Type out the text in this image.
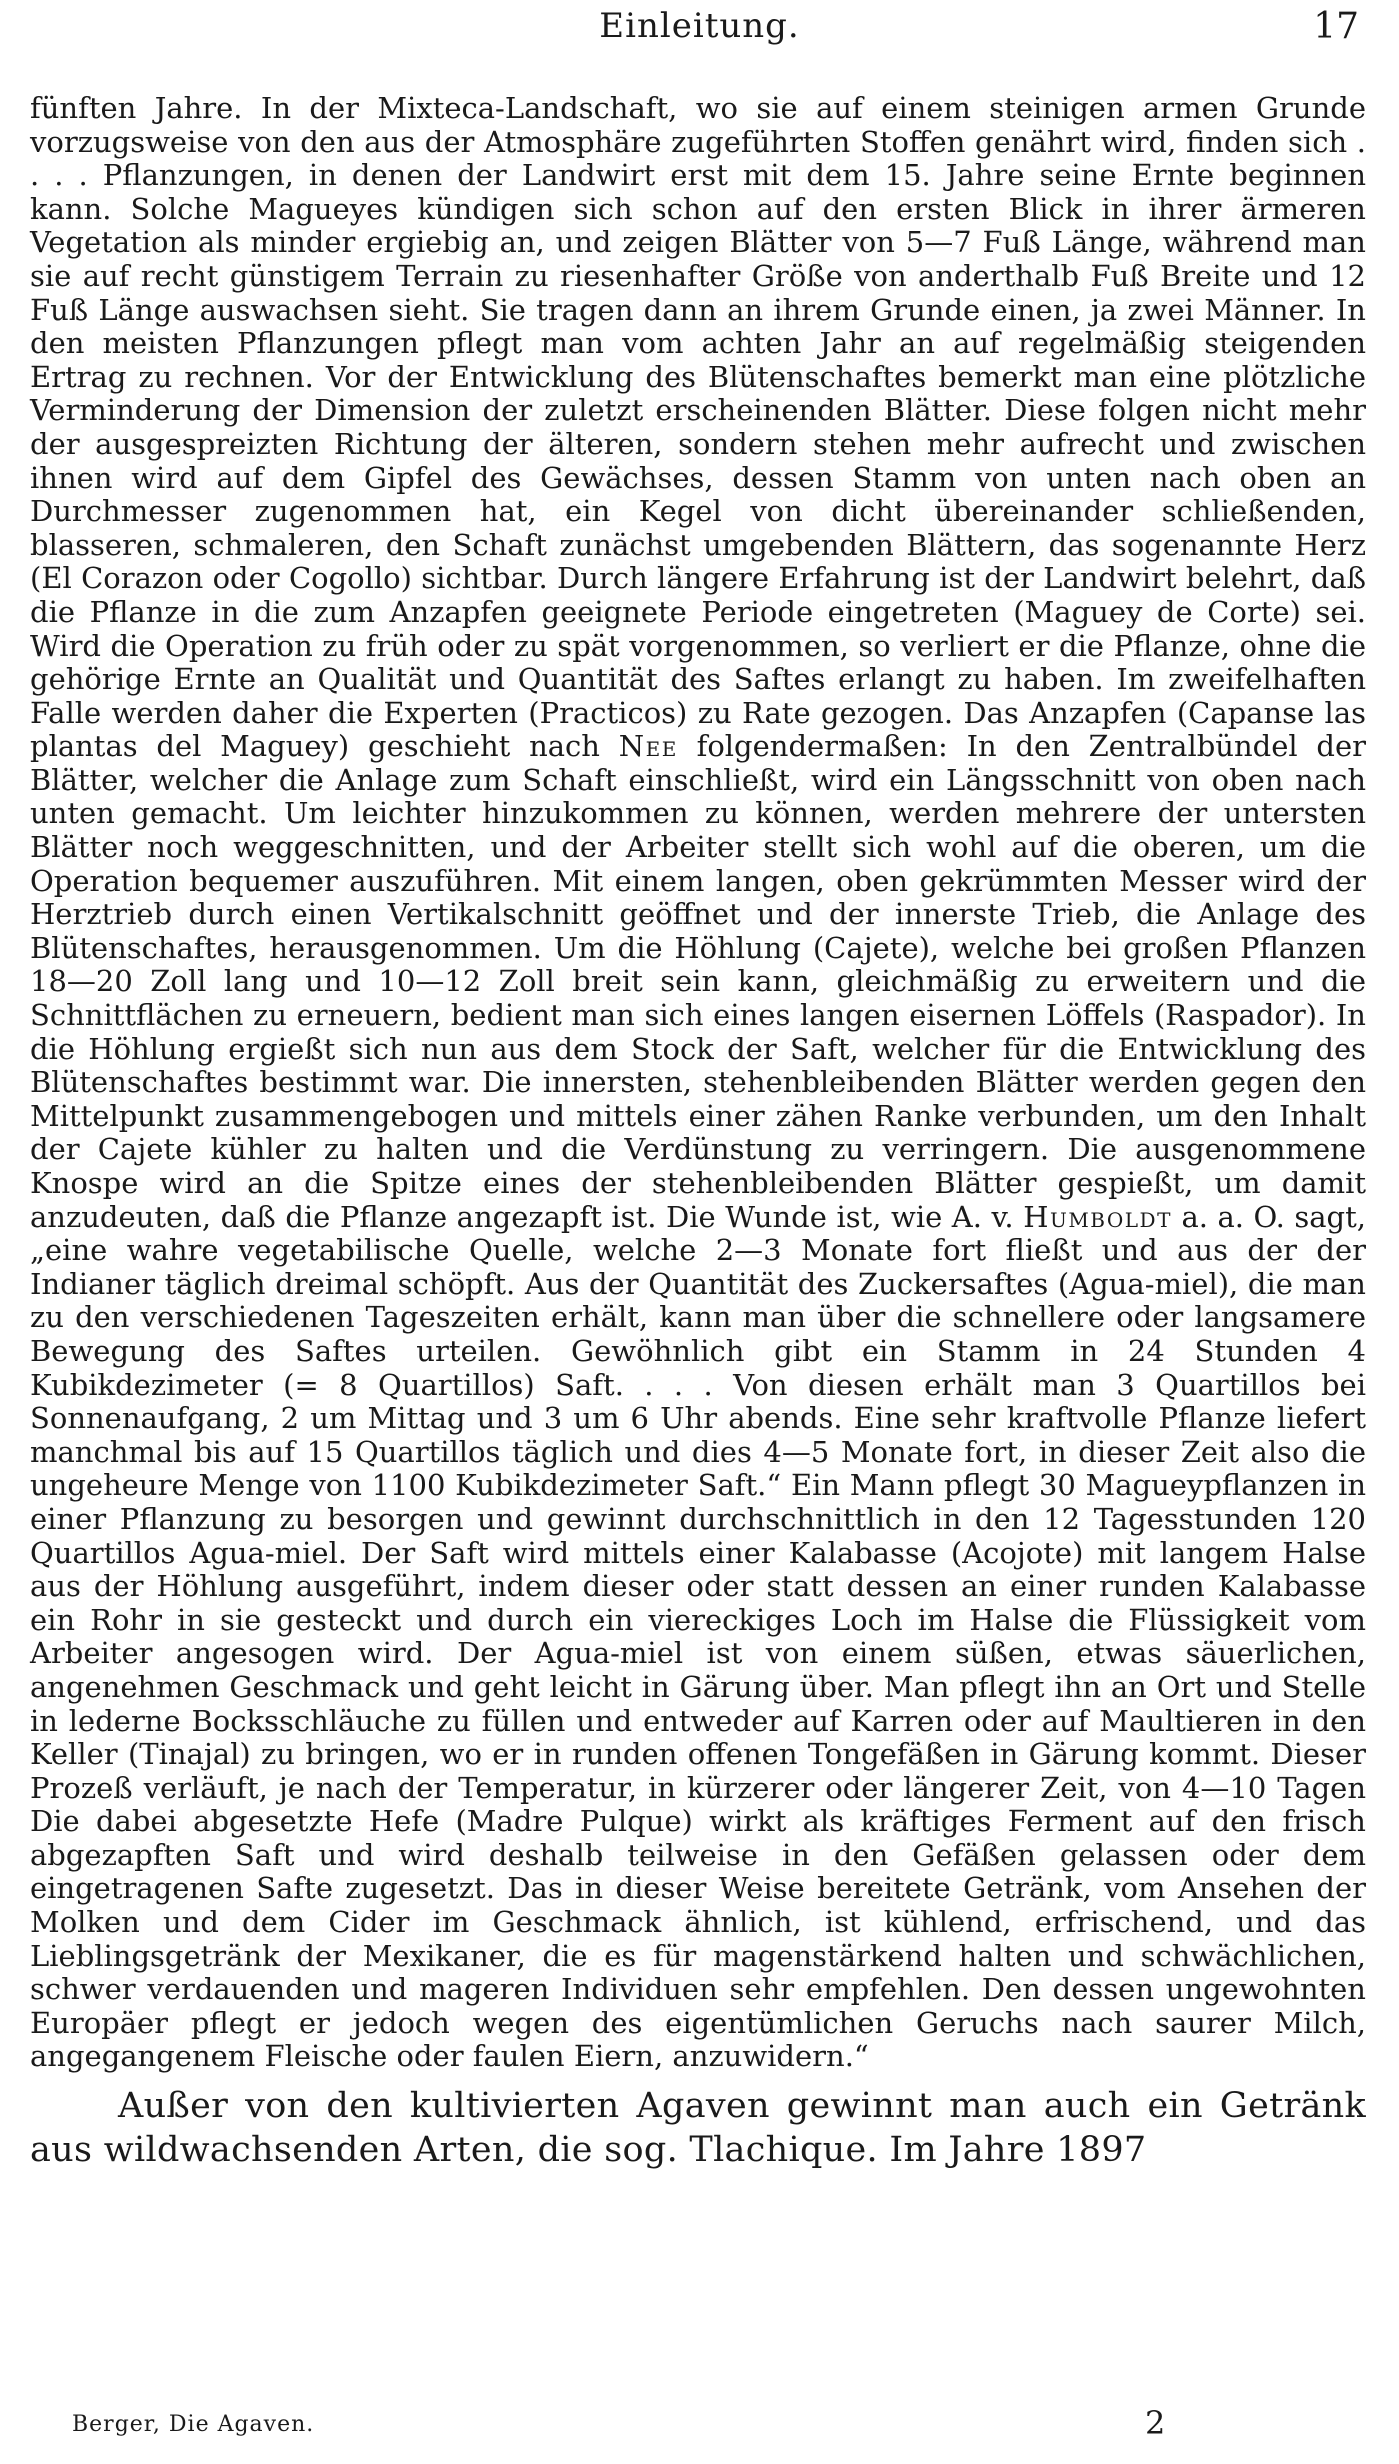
Einleitung.	17

fünften Jahre. In der Mixteca-Landschaft, wo sie auf einem steinigen armen Grunde vorzugsweise von den aus der Atmosphäre zugeführten Stoffen genährt wird, finden sich . . . . Pflanzungen, in denen der Landwirt erst mit dem 15. Jahre seine Ernte beginnen kann. Solche Magueyes kündigen sich schon auf den ersten Blick in ihrer ärmeren Vegetation als minder ergiebig an, und zeigen Blätter von 5—7 Fuß Länge, während man sie auf recht günstigem Terrain zu riesenhafter Größe von anderthalb Fuß Breite und 12 Fuß Länge auswachsen sieht. Sie tragen dann an ihrem Grunde einen, ja zwei Männer. In den meisten Pflanzungen pflegt man vom achten Jahr an auf regelmäßig steigenden Ertrag zu rechnen. Vor der Entwicklung des Blütenschaftes bemerkt man eine plötzliche Verminderung der Dimension der zuletzt erscheinenden Blätter. Diese folgen nicht mehr der ausgespreizten Richtung der älteren, sondern stehen mehr aufrecht und zwischen ihnen wird auf dem Gipfel des Gewächses, dessen Stamm von unten nach oben an Durchmesser zugenommen hat, ein Kegel von dicht übereinander schließenden, blasseren, schmaleren, den Schaft zunächst umgebenden Blättern, das sogenannte Herz (El Corazon oder Cogollo) sichtbar. Durch längere Erfahrung ist der Landwirt belehrt, daß die Pflanze in die zum Anzapfen geeignete Periode eingetreten (Maguey de Corte) sei. Wird die Operation zu früh oder zu spät vorgenommen, so verliert er die Pflanze, ohne die gehörige Ernte an Qualität und Quantität des Saftes erlangt zu haben. Im zweifelhaften Falle werden daher die Experten (Practicos) zu Rate gezogen. Das Anzapfen (Capanse las plantas del Maguey) geschieht nach Nee folgendermaßen: In den Zentralbündel der Blätter, welcher die Anlage zum Schaft einschließt, wird ein Längsschnitt von oben nach unten gemacht. Um leichter hinzukommen zu können, werden mehrere der untersten Blätter noch weggeschnitten, und der Arbeiter stellt sich wohl auf die oberen, um die Operation bequemer auszuführen. Mit einem langen, oben gekrümmten Messer wird der Herztrieb durch einen Vertikalschnitt geöffnet und der innerste Trieb, die Anlage des Blütenschaftes, herausgenommen. Um die Höhlung (Cajete), welche bei großen Pflanzen 18—20 Zoll lang und 10—12 Zoll breit sein kann, gleichmäßig zu erweitern und die Schnittflächen zu erneuern, bedient man sich eines langen eisernen Löffels (Raspador). In die Höhlung ergießt sich nun aus dem Stock der Saft, welcher für die Entwicklung des Blütenschaftes bestimmt war. Die innersten, stehenbleibenden Blätter werden gegen den Mittelpunkt zusammengebogen und mittels einer zähen Ranke verbunden, um den Inhalt der Cajete kühler zu halten und die Verdünstung zu verringern. Die ausgenommene Knospe wird an die Spitze eines der stehenbleibenden Blätter gespießt, um damit anzudeuten, daß die Pflanze angezapft ist. Die Wunde ist, wie A. v. Humboldt a. a. O. sagt, „eine wahre vegetabilische Quelle, welche 2—3 Monate fort fließt und aus der der Indianer täglich dreimal schöpft. Aus der Quantität des Zuckersaftes (Agua-miel), die man zu den verschiedenen Tageszeiten erhält, kann man über die schnellere oder langsamere Bewegung des Saftes urteilen. Gewöhnlich gibt ein Stamm in 24 Stunden 4 Kubikdezimeter (= 8 Quartillos) Saft. . . . Von diesen erhält man 3 Quartillos bei Sonnenaufgang, 2 um Mittag und 3 um 6 Uhr abends. Eine sehr kraftvolle Pflanze liefert manchmal bis auf 15 Quartillos täglich und dies 4—5 Monate fort, in dieser Zeit also die ungeheure Menge von 1100 Kubikdezimeter Saft.“ Ein Mann pflegt 30 Magueypflanzen in einer Pflanzung zu besorgen und gewinnt durchschnittlich in den 12 Tagesstunden 120 Quartillos Agua-miel. Der Saft wird mittels einer Kalabasse (Acojote) mit langem Halse aus der Höhlung ausgeführt, indem dieser oder statt dessen an einer runden Kalabasse ein Rohr in sie gesteckt und durch ein viereckiges Loch im Halse die Flüssigkeit vom Arbeiter angesogen wird. Der Agua-miel ist von einem süßen, etwas säuerlichen, angenehmen Geschmack und geht leicht in Gärung über. Man pflegt ihn an Ort und Stelle in lederne Bocksschläuche zu füllen und entweder auf Karren oder auf Maultieren in den Keller (Tinajal) zu bringen, wo er in runden offenen Tongefäßen in Gärung kommt. Dieser Prozeß verläuft, je nach der Temperatur, in kürzerer oder längerer Zeit, von 4—10 Tagen Die dabei abgesetzte Hefe (Madre Pulque) wirkt als kräftiges Ferment auf den frisch abgezapften Saft und wird deshalb teilweise in den Gefäßen gelassen oder dem eingetragenen Safte zugesetzt. Das in dieser Weise bereitete Getränk, vom Ansehen der Molken und dem Cider im Geschmack ähnlich, ist kühlend, erfrischend, und das Lieblingsgetränk der Mexikaner, die es für magenstärkend halten und schwächlichen, schwer verdauenden und mageren Individuen sehr empfehlen. Den dessen ungewohnten Europäer pflegt er jedoch wegen des eigentümlichen Geruchs nach saurer Milch, angegangenem Fleische oder faulen Eiern, anzuwidern.“

Außer von den kultivierten Agaven gewinnt man auch ein Getränk aus wildwachsenden Arten, die sog. Tlachique. Im Jahre 1897

Berger, Die Agaven.	2
